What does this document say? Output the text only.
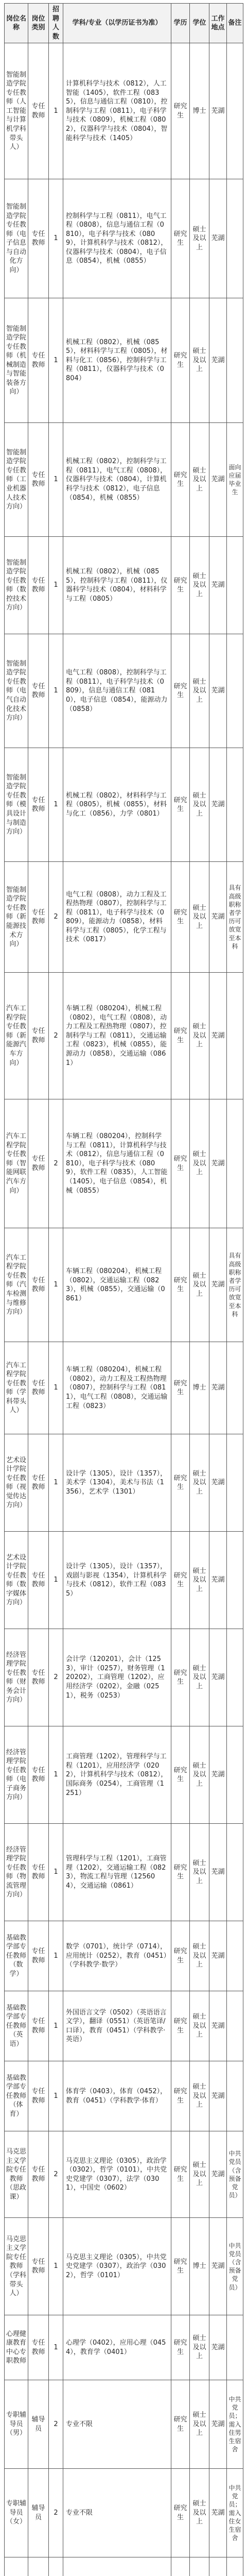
岗位名称	岗位类别	招聘人数	学科/专业（以学历证书为准）	学历	学位	工作地点	备注
智能制造学院专任教师（人工智能与计算机学科带头人）	专任教师	1	计算机科学与技术（0812），人工智能（1405），软件工程（0835），信息与通信工程（0810），控制科学与工程（0811），电子科学与技术（0809），机械工程（0802），仪器科学与技术（0804），智能科学与技术（1405）	研究生	博士	芜湖	
智能制造学院专任教师（电子信息与自动化方向）	专任教师	1	控制科学与工程（0811），电气工程（0808），信息与通信工程（0810），电子科学与技术（0809），计算机科学与技术（0812），仪器科学与技术（0804），电子信息（0854），机械（0855）	研究生	硕士及以上	芜湖	
智能制造学院专任教师（机械制造与智能装备方向）	专任教师	1	机械工程（0802），机械（0855），材料科学与工程（0805），材料与化工（0856），控制科学与工程（0811），仪器科学与技术（0804）	研究生	硕士及以上	芜湖	
智能制造学院专任教师（工业机器人技术方向）	专任教师	1	机械工程（0802），控制科学与工程（0811），电气工程（0808），仪器科学与技术（0804），计算机科学与技术（0812），电子信息（0854），机械（0855）	研究生	硕士及以上	芜湖	面向应届毕业生
智能制造学院专任教师（数控技术方向）	专任教师	1	机械工程（0802），机械（0855），控制科学与工程（0811），仪器科学与技术（0804），材料科学与工程（0805）	研究生	硕士及以上	芜湖	
智能制造学院专任教师（电气自动化技术方向）	专任教师	1	电气工程（0808），控制科学与工程（0811），电子科学与技术（0809），信息与通信工程（0810），电子信息（0854），能源动力（0858）	研究生	硕士及以上	芜湖	
智能制造学院专任教师（模具设计与制造方向）	专任教师	1	机械工程（0802），材料科学与工程（0805），机械（0855），材料与化工（0856），力学（0801）	研究生	硕士及以上	芜湖	
智能制造学院专任教师（新能源技术方向）	专任教师	2	电气工程（0808），动力工程及工程热物理（0807），控制科学与工程（0811），电子科学与技术（0809），能源动力（0858），材料科学与工程（0805），化学工程与技术（0817）	研究生	硕士及以上	芜湖	具有高级职称者学历可放宽至本科
汽车工程学院专任教师（新能源汽车方向）	专任教师	2	车辆工程（080204），机械工程（0802），电气工程（0808），动力工程及工程热物理（0807），控制科学与工程（0811），交通运输工程（0823），机械（0855），能源动力（0858），交通运输（0861）	研究生	硕士及以上	芜湖	
汽车工程学院专任教师（智能网联汽车方向）	专任教师	2	车辆工程（080204），控制科学与工程（0811），计算机科学与技术（0812），信息与通信工程（0810），电子科学与技术（0809），软件工程（0835），人工智能（1405），电子信息（0854），机械（0855）	研究生	硕士及以上	芜湖	
汽车工程学院专任教师（汽车检测与维修方向）	专任教师	1	车辆工程（080204），机械工程（0802），交通运输工程（0823），机械（0855），交通运输（0861）	研究生	硕士及以上	芜湖	具有高级职称者学历可放宽至本科
汽车工程学院专任教师（学科带头人）	专任教师	1	车辆工程（080204），机械工程（0802），动力工程及工程热物理（0807），控制科学与工程（0811），电气工程（0808），交通运输工程（0823）	研究生	博士	芜湖	
艺术设计学院专任教师（视觉传达方向）	专任教师	1	设计学（1305），设计（1357），美术学（1304），美术与书法（1356），艺术学（1301）	研究生	硕士及以上	芜湖	
艺术设计学院专任教师（数字媒体方向）	专任教师	1	设计学（1305），设计（1357），戏剧与影视（1354），计算机科学与技术（0812），软件工程（0835）	研究生	硕士及以上	芜湖	
经济管理学院专任教师（财务会计方向）	专任教师	2	会计学（120201），会计（1253），审计（0257），财务管理（120202），工商管理（1202），应用经济学（0202），金融（0251），税务（0253）	研究生	硕士及以上	芜湖	
经济管理学院专任教师（电子商务方向）	专任教师	1	工商管理（1202），管理科学与工程（1201），应用经济学（0202），计算机科学与技术（0812），国际商务（0254），工商管理（1251）	研究生	硕士及以上	芜湖	
经济管理学院专任教师（物流管理方向）	专任教师	1	管理科学与工程（1201），工商管理（1202），交通运输工程（0823），物流工程与管理（125604），交通运输（0861）	研究生	硕士及以上	芜湖	
基础教学部专任教师（数学）	专任教师	1	数学（0701），统计学（0714），应用统计（0252），教育（0451）（学科教学·数学）	研究生	硕士及以上	芜湖	
基础教学部专任教师（英语）	专任教师	1	外国语言文学（0502）（英语语言文学），翻译（0551）（英语笔译/口译），教育（0451）（学科教学·英语）	研究生	硕士及以上	芜湖	
基础教学部专任教师（体育）	专任教师	1	体育学（0403），体育（0452），教育（0451）（学科教学·体育）	研究生	硕士及以上	芜湖	
马克思主义学院专任教师（思政课）	专任教师	2	马克思主义理论（0305），政治学（0302），哲学（0101），中共党史党建学（0307），法学（0301），中国史（0602）	研究生	硕士及以上	芜湖	中共党员（含预备党员）
马克思主义学院专任教师（学科带头人）	专任教师	1	马克思主义理论（0305），中共党史党建学（0307），政治学（0302），哲学（0101）	研究生	博士	芜湖	中共党员（含预备党员）
心理健康教育中心专职教师	专任教师	1	心理学（0402），应用心理（0454），教育学（0401）	研究生	硕士及以上	芜湖	
专职辅导员（男）	辅导员	2	专业不限	研究生	硕士及以上	芜湖	中共党员；需入住男生宿舍
专职辅导员（女）	辅导员	2	专业不限	研究生	硕士及以上	芜湖	中共党员；需入住女生宿舍
